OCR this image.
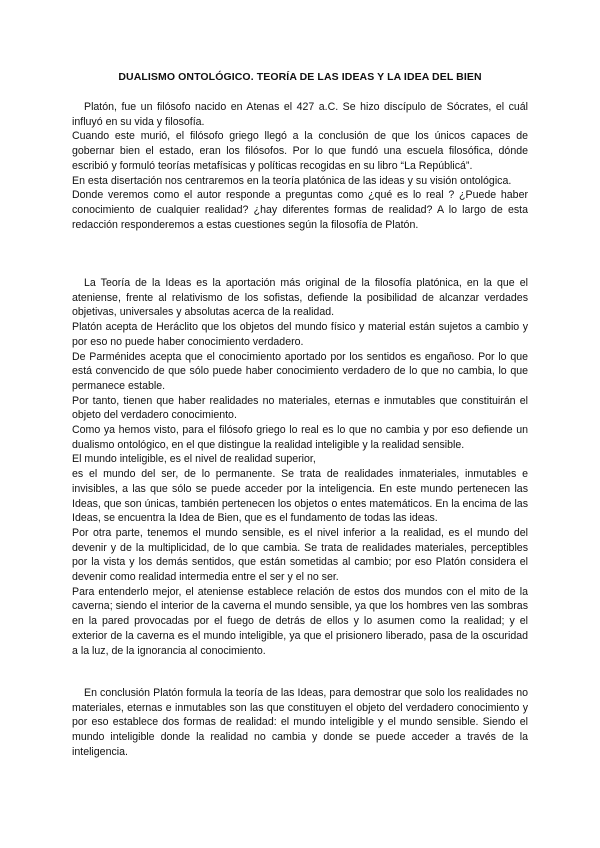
DUALISMO ONTOLÓGICO. TEORÍA DE LAS IDEAS Y LA IDEA DEL BIEN

Platón, fue un filósofo nacido en Atenas el 427 a.C. Se hizo discípulo de Sócrates, el cuál influyó en su vida y filosofía.

Cuando este murió, el filósofo griego llegó a la conclusión de que los únicos capaces de gobernar bien el estado, eran los filósofos. Por lo que fundó una escuela filosófica, dónde escribió y formuló teorías metafísicas y políticas recogidas en su libro “La Repúblicá”.

En esta disertación nos centraremos en la teoría platónica de las ideas y su visión ontológica.

Donde veremos como el autor responde a preguntas como ¿qué es lo real ? ¿Puede haber conocimiento de cualquier realidad? ¿hay diferentes formas de realidad? A lo largo de esta redacción responderemos a estas cuestiones según la filosofía de Platón.

La Teoría de la Ideas es la aportación más original de la filosofía platónica, en la que el ateniense, frente al relativismo de los sofistas, defiende la posibilidad de alcanzar verdades objetivas, universales y absolutas acerca de la realidad.

Platón acepta de Heráclito que los objetos del mundo físico y material están sujetos a cambio y por eso no puede haber conocimiento verdadero.

De Parménides acepta que el conocimiento aportado por los sentidos es engañoso. Por lo que está convencido de que sólo puede haber conocimiento verdadero de lo que no cambia, lo que permanece estable.

Por tanto, tienen que haber realidades no materiales, eternas e inmutables que constituirán el objeto del verdadero conocimiento.

Como ya hemos visto, para el filósofo griego lo real es lo que no cambia y por eso defiende un dualismo ontológico, en el que distingue la realidad inteligible y la realidad sensible.

El mundo inteligible, es el nivel de realidad superior,

es el mundo del ser, de lo permanente. Se trata de realidades inmateriales, inmutables e invisibles, a las que sólo se puede acceder por la inteligencia. En este mundo pertenecen las Ideas, que son únicas, también pertenecen los objetos o entes matemáticos. En la encima de las Ideas, se encuentra la Idea de Bien, que es el fundamento de todas las ideas.

Por otra parte, tenemos el mundo sensible, es el nivel inferior a la realidad, es el mundo del devenir y de la multiplicidad, de lo que cambia. Se trata de realidades materiales, perceptibles por la vista y los demás sentidos, que están sometidas al cambio; por eso Platón considera el devenir como realidad intermedia entre el ser y el no ser.

Para entenderlo mejor, el ateniense establece relación de estos dos mundos con el mito de la caverna; siendo el interior de la caverna el mundo sensible, ya que los hombres ven las sombras en la pared provocadas por el fuego de detrás de ellos y lo asumen como la realidad; y el exterior de la caverna es el mundo inteligible, ya que el prisionero liberado, pasa de la oscuridad a la luz, de la ignorancia al conocimiento.

En conclusión Platón formula la teoría de las Ideas, para demostrar que solo los realidades no materiales, eternas e inmutables son las que constituyen el objeto del verdadero conocimiento y por eso establece dos formas de realidad: el mundo inteligible y el mundo sensible. Siendo el mundo inteligible donde la realidad no cambia y donde se puede acceder a través de la inteligencia.
